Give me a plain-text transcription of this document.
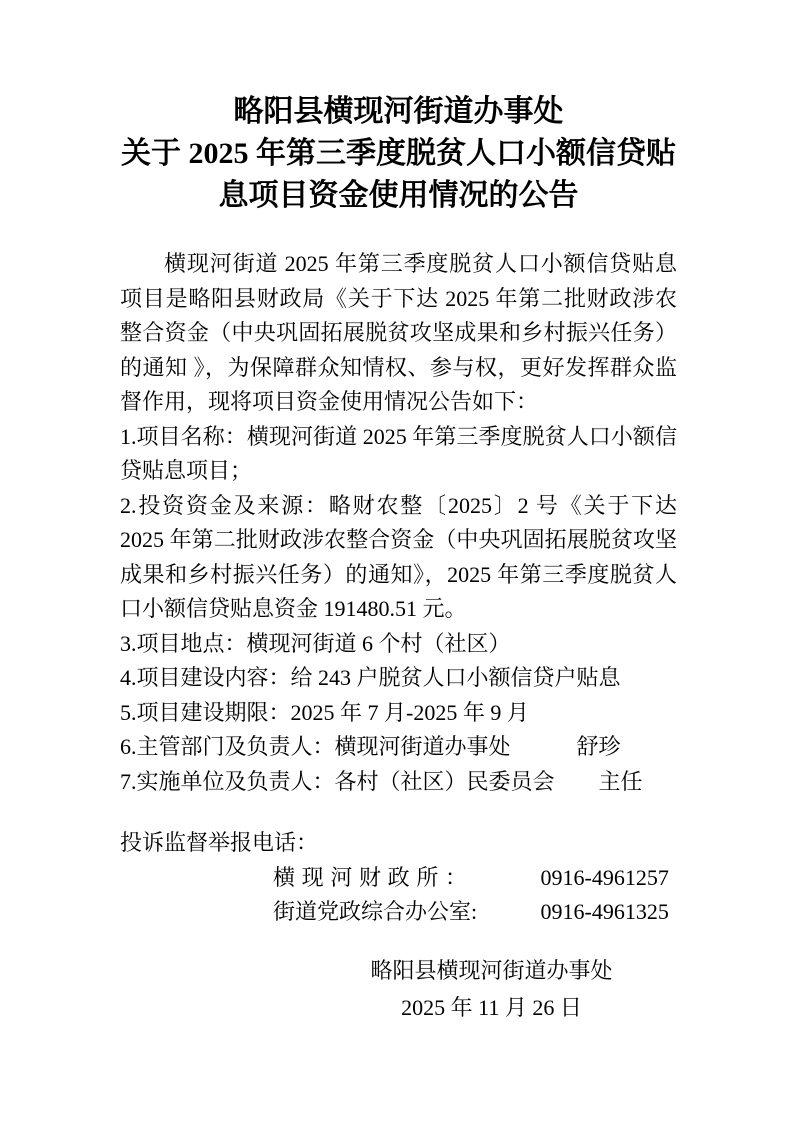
略阳县横现河街道办事处
关于 2025 年第三季度脱贫人口小额信贷贴
息项目资金使用情况的公告

横现河街道 2025 年第三季度脱贫人口小额信贷贴息项目是略阳县财政局《关于下达 2025 年第二批财政涉农整合资金（中央巩固拓展脱贫攻坚成果和乡村振兴任务）的通知 》，为保障群众知情权、参与权，更好发挥群众监督作用，现将项目资金使用情况公告如下：

1.项目名称：横现河街道 2025 年第三季度脱贫人口小额信贷贴息项目；

2.投资资金及来源：略财农整〔2025〕2 号《关于下达 2025 年第二批财政涉农整合资金（中央巩固拓展脱贫攻坚成果和乡村振兴任务）的通知》，2025 年第三季度脱贫人口小额信贷贴息资金 191480.51 元。

3.项目地点：横现河街道 6 个村（社区）

4.项目建设内容：给 243 户脱贫人口小额信贷户贴息

5.项目建设期限：2025 年 7 月-2025 年 9 月

6.主管部门及负责人：横现河街道办事处　　　舒珍

7.实施单位及负责人：各村（社区）民委员会　　主任

投诉监督举报电话：

横现河财政所：	0916-4961257
街道党政综合办公室:	0916-4961325
略阳县横现河街道办事处
2025 年 11 月 26 日
